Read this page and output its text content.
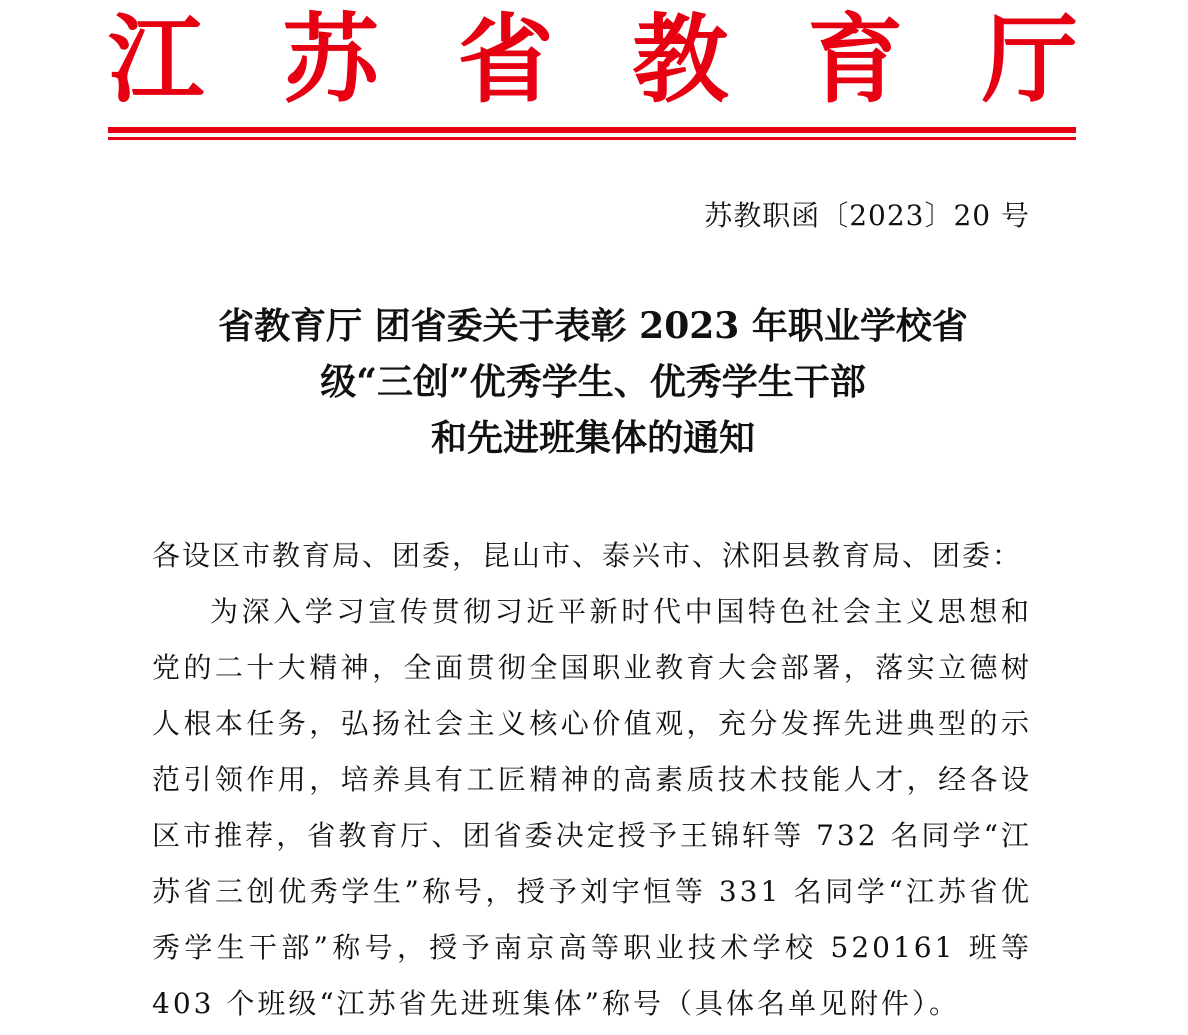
江 苏 省 教 育 厅
苏教职函〔2023〕20 号
省教育厅 团省委关于表彰 2023 年职业学校省
级“三创”优秀学生、优秀学生干部
和先进班集体的通知

各设区市教育局、团委，昆山市、泰兴市、沭阳县教育局、团委：

为深入学习宣传贯彻习近平新时代中国特色社会主义思想和党的二十大精神，全面贯彻全国职业教育大会部署，落实立德树人根本任务，弘扬社会主义核心价值观，充分发挥先进典型的示范引领作用，培养具有工匠精神的高素质技术技能人才，经各设区市推荐，省教育厅、团省委决定授予王锦轩等 732 名同学“江苏省三创优秀学生”称号，授予刘宇恒等 331 名同学“江苏省优秀学生干部”称号，授予南京高等职业技术学校 520161 班等 403 个班级“江苏省先进班集体”称号（具体名单见附件）。
